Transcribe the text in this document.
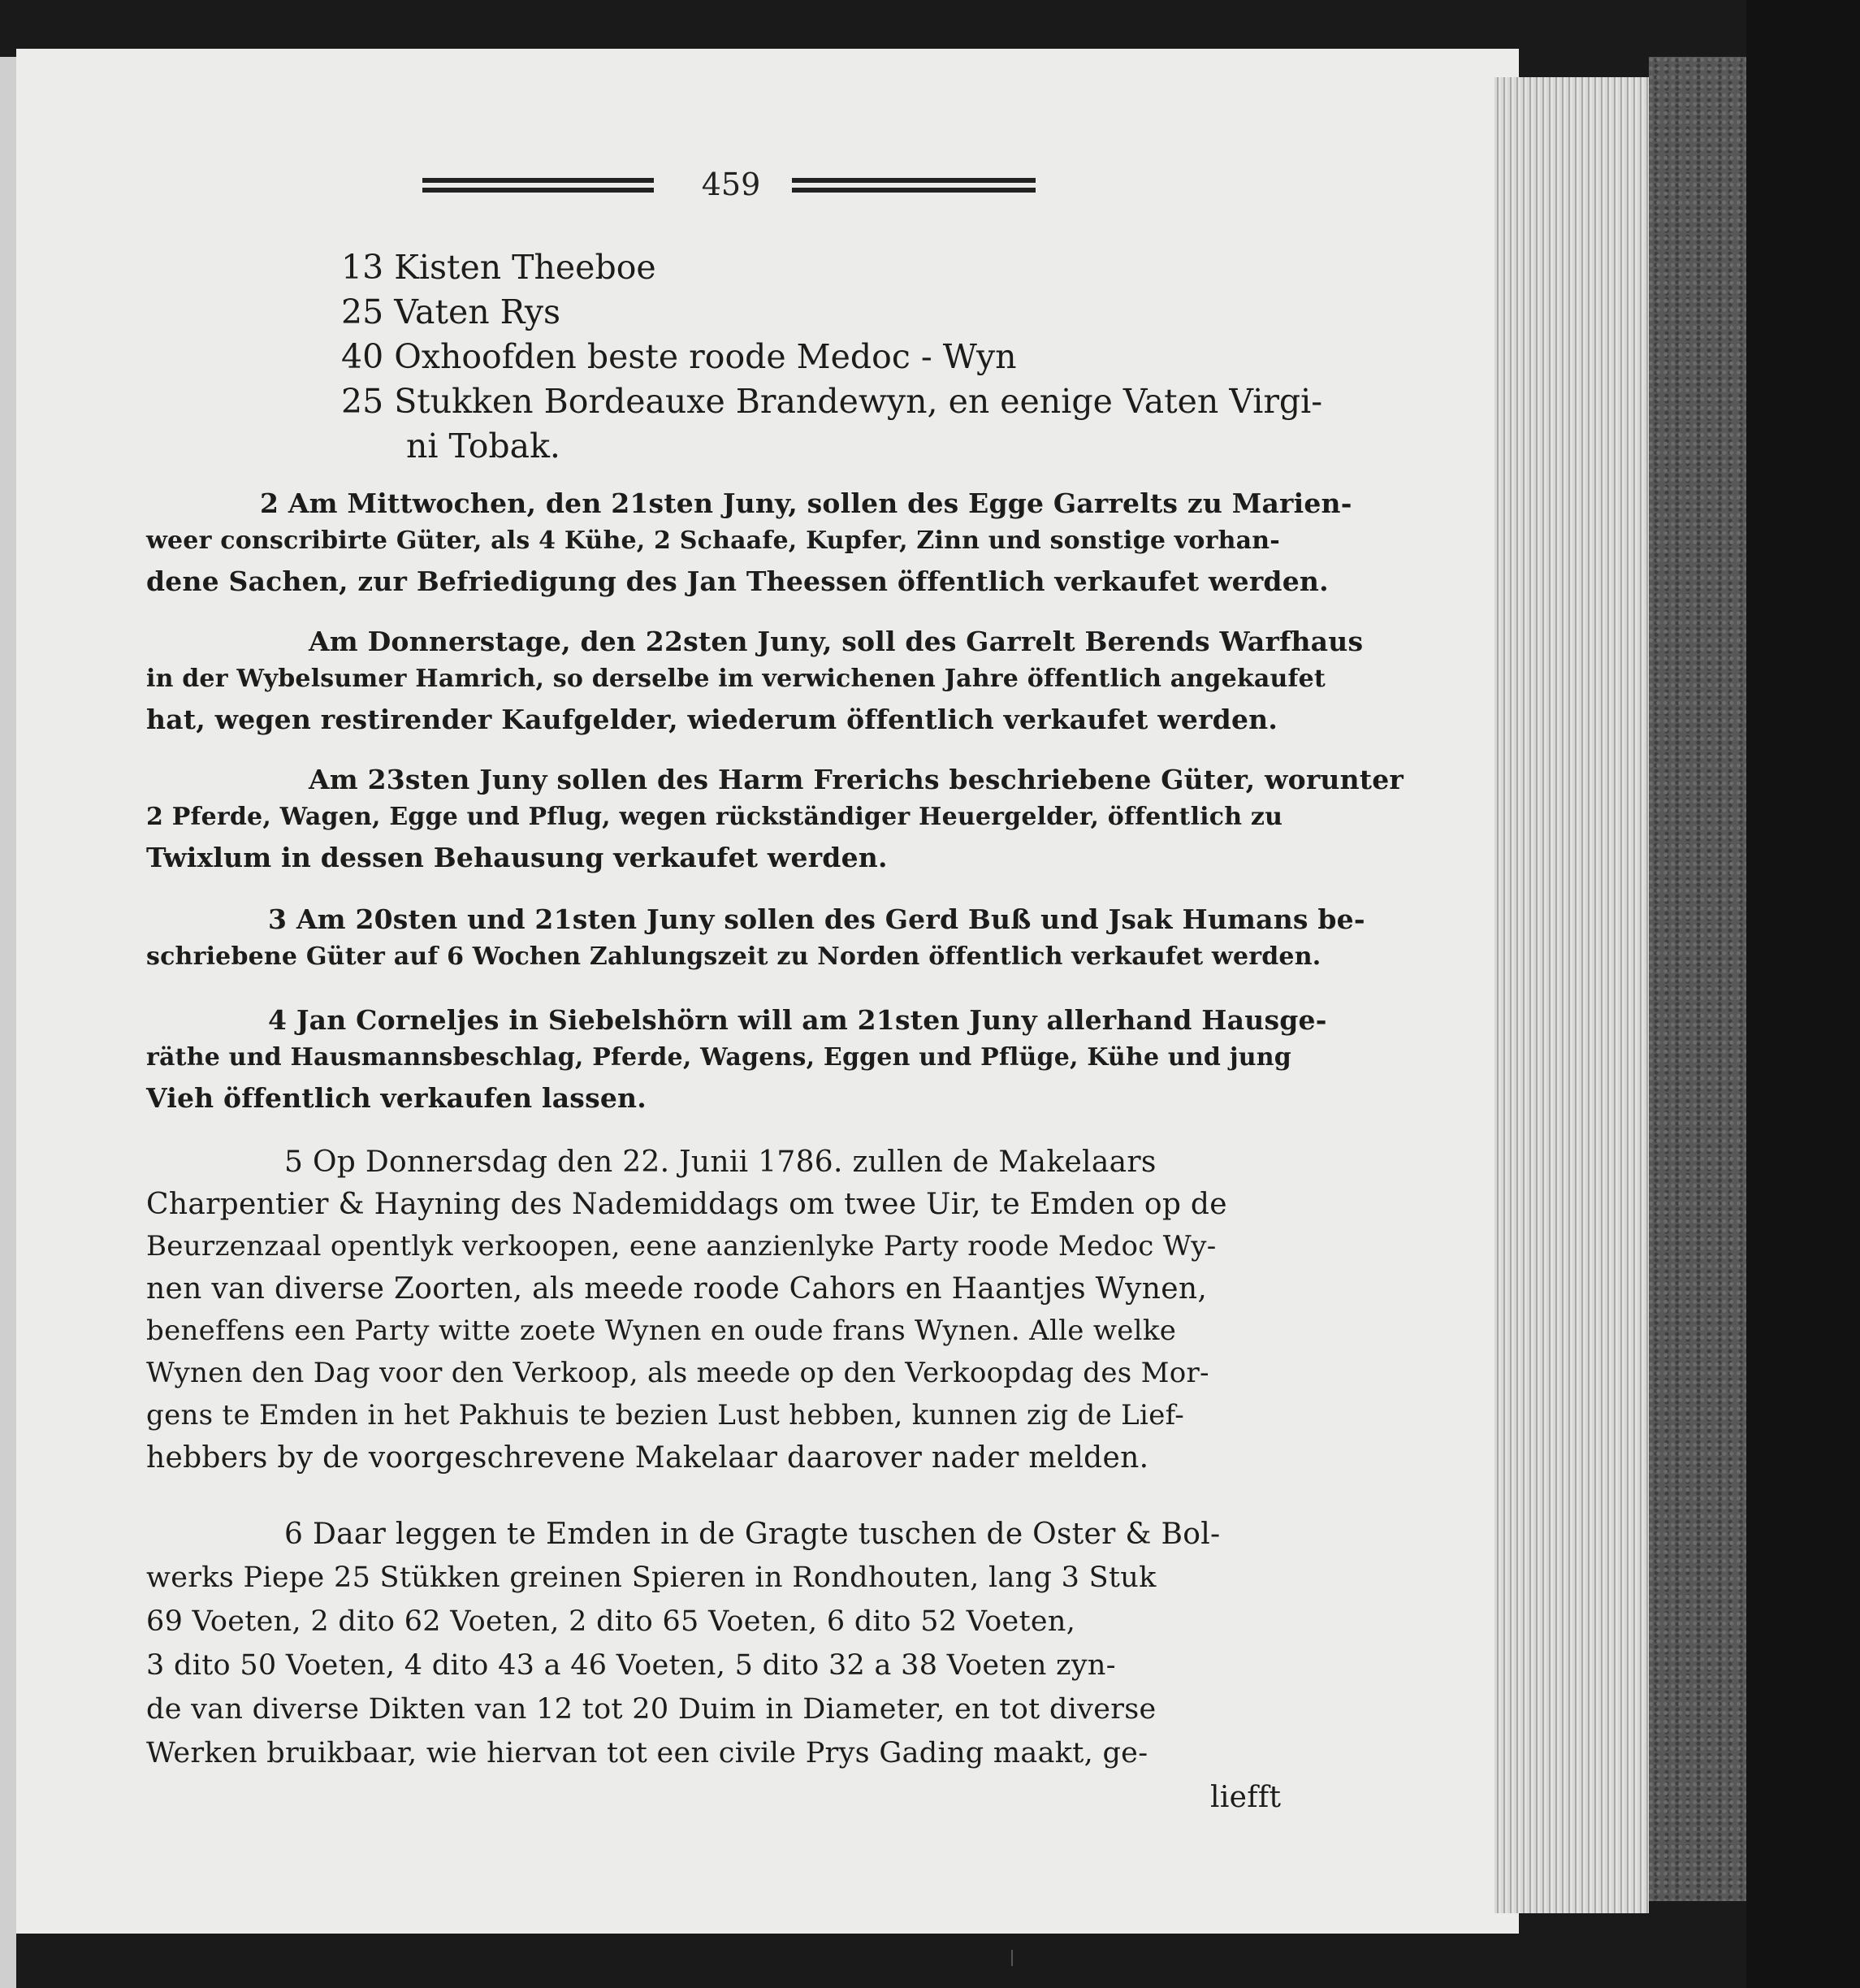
459
13 Kisten Theeboe
25 Vaten Rys
40 Oxhoofden beste roode Medoc - Wyn
25 Stukken Bordeauxe Brandewyn, en eenige Vaten Virgi-
ni Tobak.
2 Am Mittwochen, den 21sten Juny, sollen des Egge Garrelts zu Marien-
weer conscribirte Güter, als 4 Kühe, 2 Schaafe, Kupfer, Zinn und sonstige vorhan-
dene Sachen, zur Befriedigung des Jan Theessen öffentlich verkaufet werden.
Am Donnerstage, den 22sten Juny, soll des Garrelt Berends Warfhaus
in der Wybelsumer Hamrich, so derselbe im verwichenen Jahre öffentlich angekaufet
hat, wegen restirender Kaufgelder, wiederum öffentlich verkaufet werden.
Am 23sten Juny sollen des Harm Frerichs beschriebene Güter, worunter
2 Pferde, Wagen, Egge und Pflug, wegen rückständiger Heuergelder, öffentlich zu
Twixlum in dessen Behausung verkaufet werden.
3 Am 20sten und 21sten Juny sollen des Gerd Buß und Jsak Humans be-
schriebene Güter auf 6 Wochen Zahlungszeit zu Norden öffentlich verkaufet werden.
4 Jan Corneljes in Siebelshörn will am 21sten Juny allerhand Hausge-
räthe und Hausmannsbeschlag, Pferde, Wagens, Eggen und Pflüge, Kühe und jung
Vieh öffentlich verkaufen lassen.
5 Op Donnersdag den 22. Junii 1786. zullen de Makelaars
Charpentier & Hayning des Nademiddags om twee Uir, te Emden op de
Beurzenzaal opentlyk verkoopen, eene aanzienlyke Party roode Medoc Wy-
nen van diverse Zoorten, als meede roode Cahors en Haantjes Wynen,
beneffens een Party witte zoete Wynen en oude frans Wynen. Alle welke
Wynen den Dag voor den Verkoop, als meede op den Verkoopdag des Mor-
gens te Emden in het Pakhuis te bezien Lust hebben, kunnen zig de Lief-
hebbers by de voorgeschrevene Makelaar daarover nader melden.
6 Daar leggen te Emden in de Gragte tuschen de Oster & Bol-
werks Piepe 25 Stükken greinen Spieren in Rondhouten, lang 3 Stuk
69 Voeten, 2 dito 62 Voeten, 2 dito 65 Voeten, 6 dito 52 Voeten,
3 dito 50 Voeten, 4 dito 43 a 46 Voeten, 5 dito 32 a 38 Voeten zyn-
de van diverse Dikten van 12 tot 20 Duim in Diameter, en tot diverse
Werken bruikbaar, wie hiervan tot een civile Prys Gading maakt, ge-
liefft
